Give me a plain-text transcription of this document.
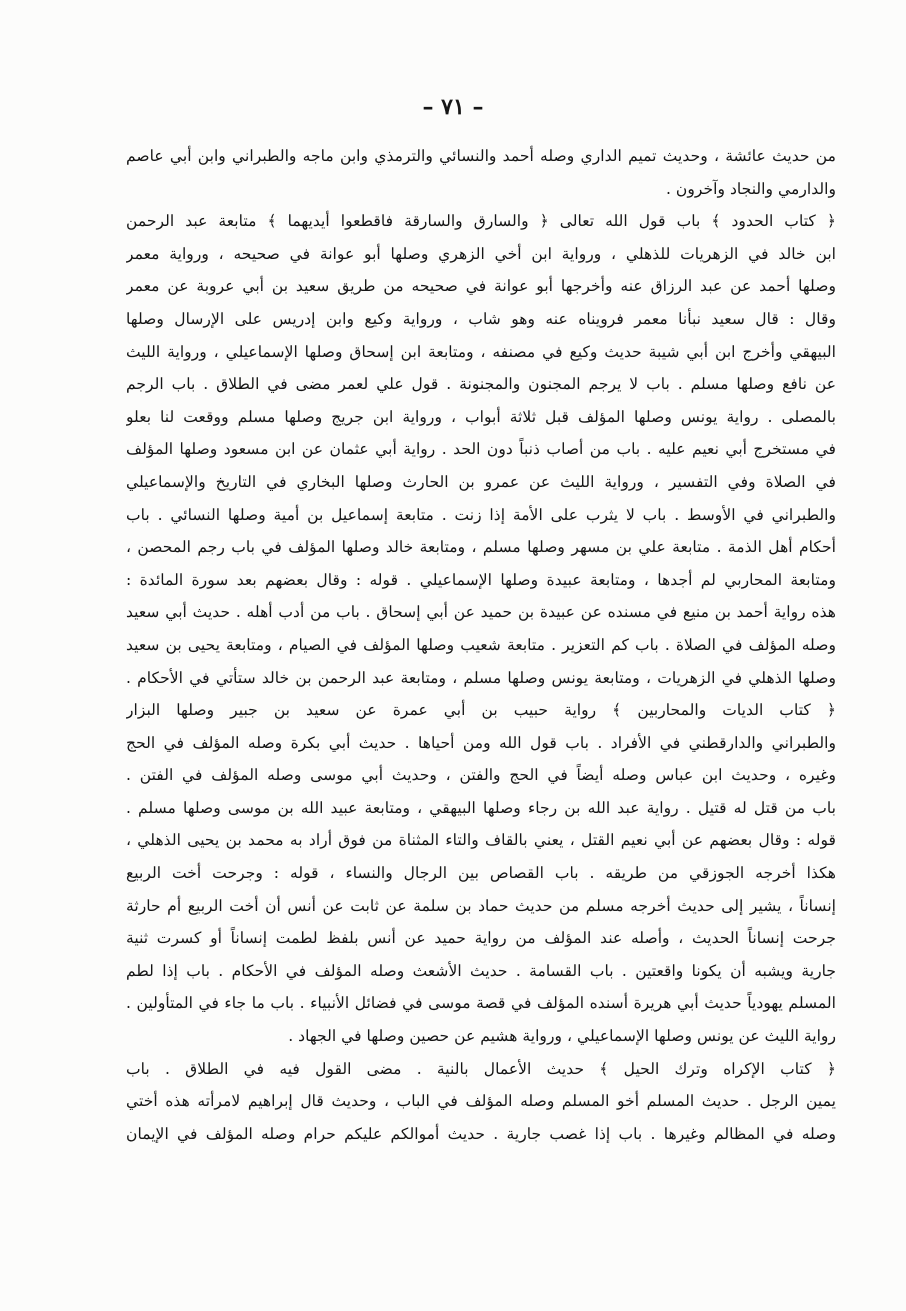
– ٧١ –
من حديث عائشة ، وحديث تميم الداري وصله أحمد والنسائي والترمذي وابن ماجه والطبراني وابن أبي عاصم
والدارمي والنجاد وآخرون .
﴿ كتاب الحدود ﴾ باب قول الله تعالى ﴿ والسارق والسارقة فاقطعوا أيديهما ﴾ متابعة عبد الرحمن
ابن خالد في الزهريات للذهلي ، ورواية ابن أخي الزهري وصلها أبو عوانة في صحيحه ، ورواية معمر
وصلها أحمد عن عبد الرزاق عنه وأخرجها أبو عوانة في صحيحه من طريق سعيد بن أبي عروبة عن معمر
وقال : قال سعيد نبأنا معمر فرويناه عنه وهو شاب ، ورواية وكيع وابن إدريس على الإرسال وصلها
البيهقي وأخرج ابن أبي شيبة حديث وكيع في مصنفه ، ومتابعة ابن إسحاق وصلها الإسماعيلي ، ورواية الليث
عن نافع وصلها مسلم . باب لا يرجم المجنون والمجنونة . قول علي لعمر مضى في الطلاق . باب الرجم
بالمصلى . رواية يونس وصلها المؤلف قبل ثلاثة أبواب ، ورواية ابن جريج وصلها مسلم ووقعت لنا بعلو
في مستخرج أبي نعيم عليه . باب من أصاب ذنباً دون الحد . رواية أبي عثمان عن ابن مسعود وصلها المؤلف
في الصلاة وفي التفسير ، ورواية الليث عن عمرو بن الحارث وصلها البخاري في التاريخ والإسماعيلي
والطبراني في الأوسط . باب لا يثرب على الأمة إذا زنت . متابعة إسماعيل بن أمية وصلها النسائي . باب
أحكام أهل الذمة . متابعة علي بن مسهر وصلها مسلم ، ومتابعة خالد وصلها المؤلف في باب رجم المحصن ،
ومتابعة المحاربي لم أجدها ، ومتابعة عبيدة وصلها الإسماعيلي . قوله : وقال بعضهم بعد سورة المائدة :
هذه رواية أحمد بن منيع في مسنده عن عبيدة بن حميد عن أبي إسحاق . باب من أدب أهله . حديث أبي سعيد
وصله المؤلف في الصلاة . باب كم التعزير . متابعة شعيب وصلها المؤلف في الصيام ، ومتابعة يحيى بن سعيد
وصلها الذهلي في الزهريات ، ومتابعة يونس وصلها مسلم ، ومتابعة عبد الرحمن بن خالد ستأتي في الأحكام .
﴿ كتاب الديات والمحاربين ﴾ رواية حبيب بن أبي عمرة عن سعيد بن جبير وصلها البزار
والطبراني والدارقطني في الأفراد . باب قول الله ومن أحياها . حديث أبي بكرة وصله المؤلف في الحج
وغيره ، وحديث ابن عباس وصله أيضاً في الحج والفتن ، وحديث أبي موسى وصله المؤلف في الفتن .
باب من قتل له قتيل . رواية عبد الله بن رجاء وصلها البيهقي ، ومتابعة عبيد الله بن موسى وصلها مسلم .
قوله : وقال بعضهم عن أبي نعيم القتل ، يعني بالقاف والتاء المثناة من فوق أراد به محمد بن يحيى الذهلي ،
هكذا أخرجه الجوزقي من طريقه . باب القصاص بين الرجال والنساء ، قوله : وجرحت أخت الربيع
إنساناً ، يشير إلى حديث أخرجه مسلم من حديث حماد بن سلمة عن ثابت عن أنس أن أخت الربيع أم حارثة
جرحت إنساناً الحديث ، وأصله عند المؤلف من رواية حميد عن أنس بلفظ لطمت إنساناً أو كسرت ثنية
جارية ويشبه أن يكونا واقعتين . باب القسامة . حديث الأشعث وصله المؤلف في الأحكام . باب إذا لطم
المسلم يهودياً حديث أبي هريرة أسنده المؤلف في قصة موسى في فضائل الأنبياء . باب ما جاء في المتأولين .
رواية الليث عن يونس وصلها الإسماعيلي ، ورواية هشيم عن حصين وصلها في الجهاد .
﴿ كتاب الإكراه وترك الحيل ﴾ حديث الأعمال بالنية . مضى القول فيه في الطلاق . باب
يمين الرجل . حديث المسلم أخو المسلم وصله المؤلف في الباب ، وحديث قال إبراهيم لامرأته هذه أختي
وصله في المظالم وغيرها . باب إذا غصب جارية . حديث أموالكم عليكم حرام وصله المؤلف في الإيمان
